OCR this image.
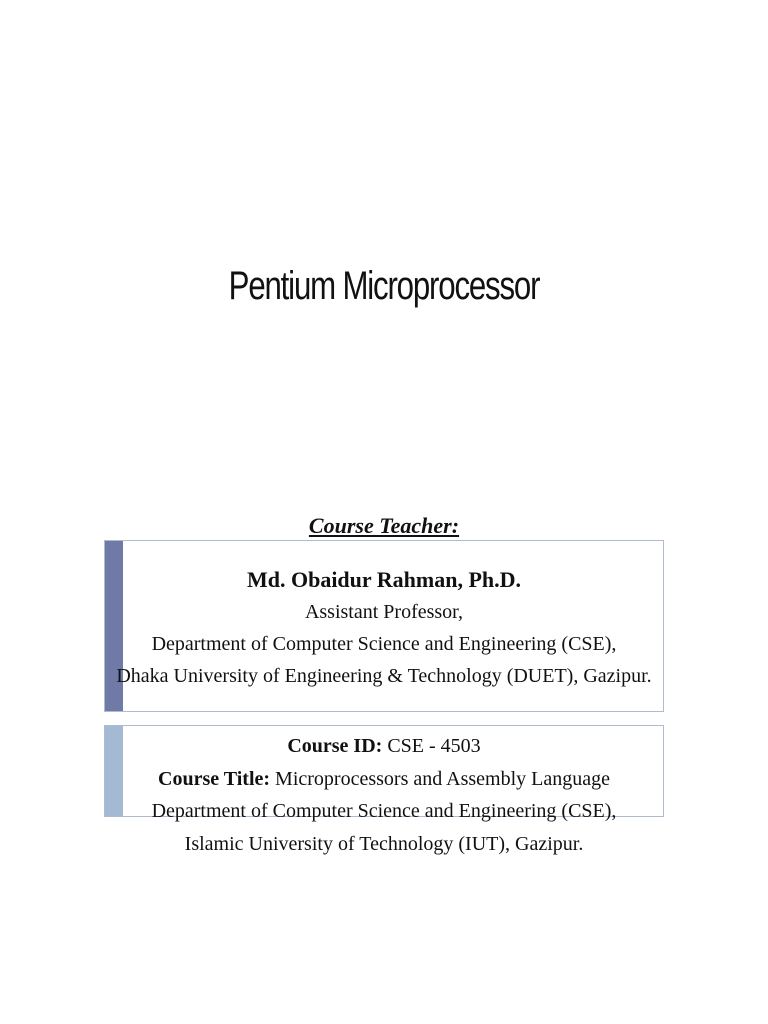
Pentium Microprocessor
Course Teacher:
Md. Obaidur Rahman, Ph.D.
Assistant Professor,
Department of Computer Science and Engineering (CSE),
Dhaka University of Engineering & Technology (DUET), Gazipur.
Course ID: CSE - 4503
Course Title: Microprocessors and Assembly Language
Department of Computer Science and Engineering (CSE),
Islamic University of Technology (IUT), Gazipur.
